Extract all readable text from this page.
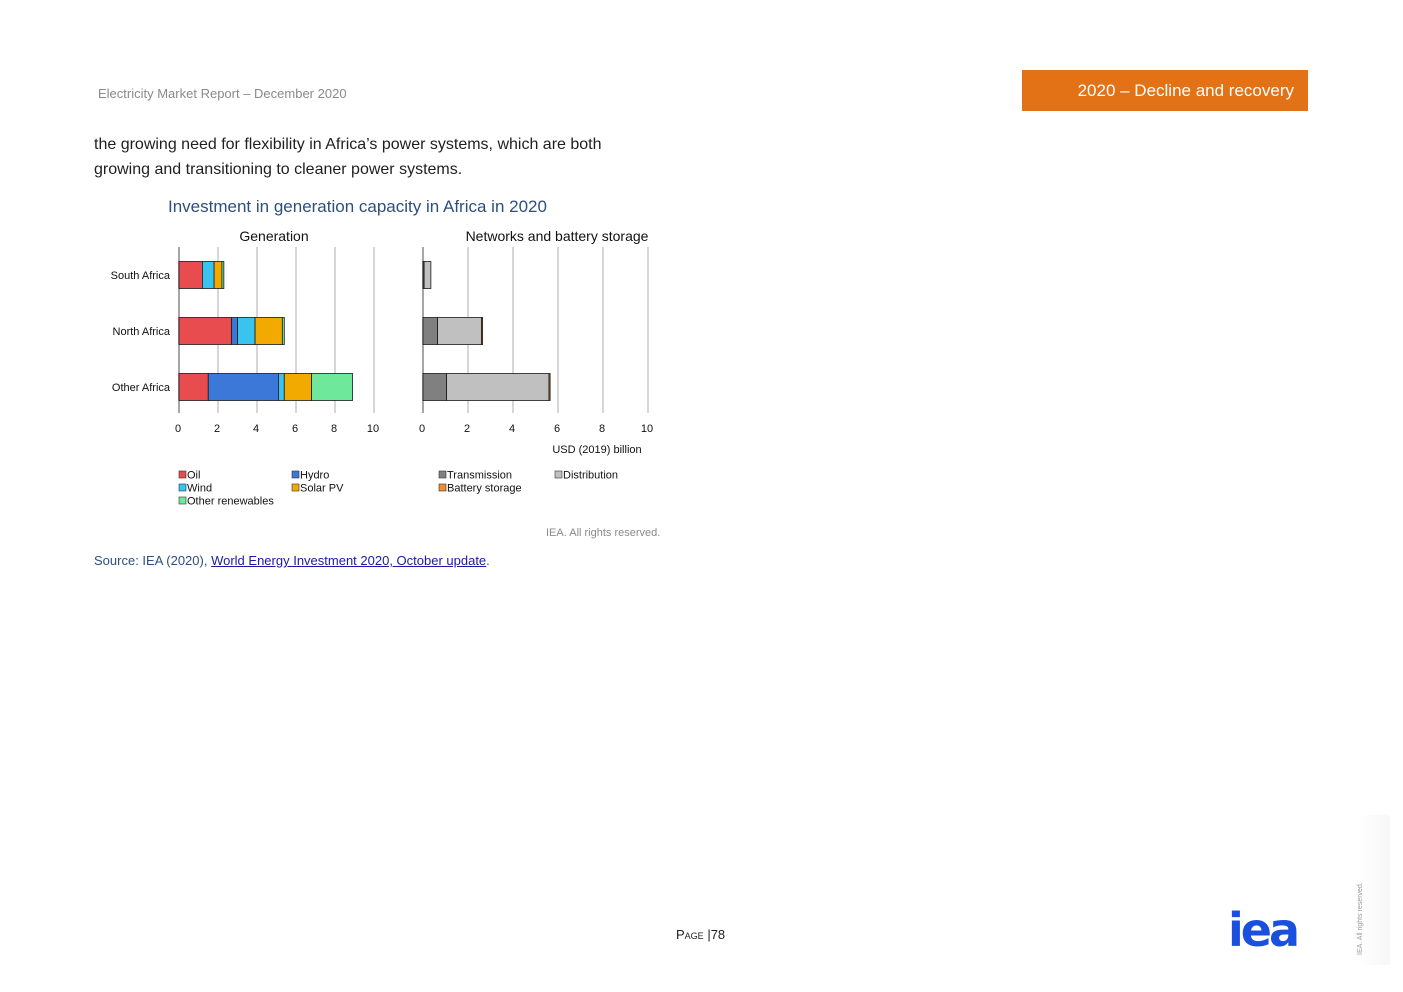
Electricity Market Report – December 2020	2020 – Decline and recovery
the growing need for flexibility in Africa’s power systems, which are both
growing and transitioning to cleaner power systems.
Investment in generation capacity in Africa in 2020
0	2	4	6	8	10
Generation
0	2	4	6	8	10
Networks and battery storage
South Africa
North Africa
Other Africa
USD (2019) billion
Oil	Hydro
Wind	Solar PV
Other renewables
Transmission	Distribution
Battery storage
IEA. All rights reserved.
Source: IEA (2020), World Energy Investment 2020, October update.
Page |78	iea	IEA. All rights reserved.
